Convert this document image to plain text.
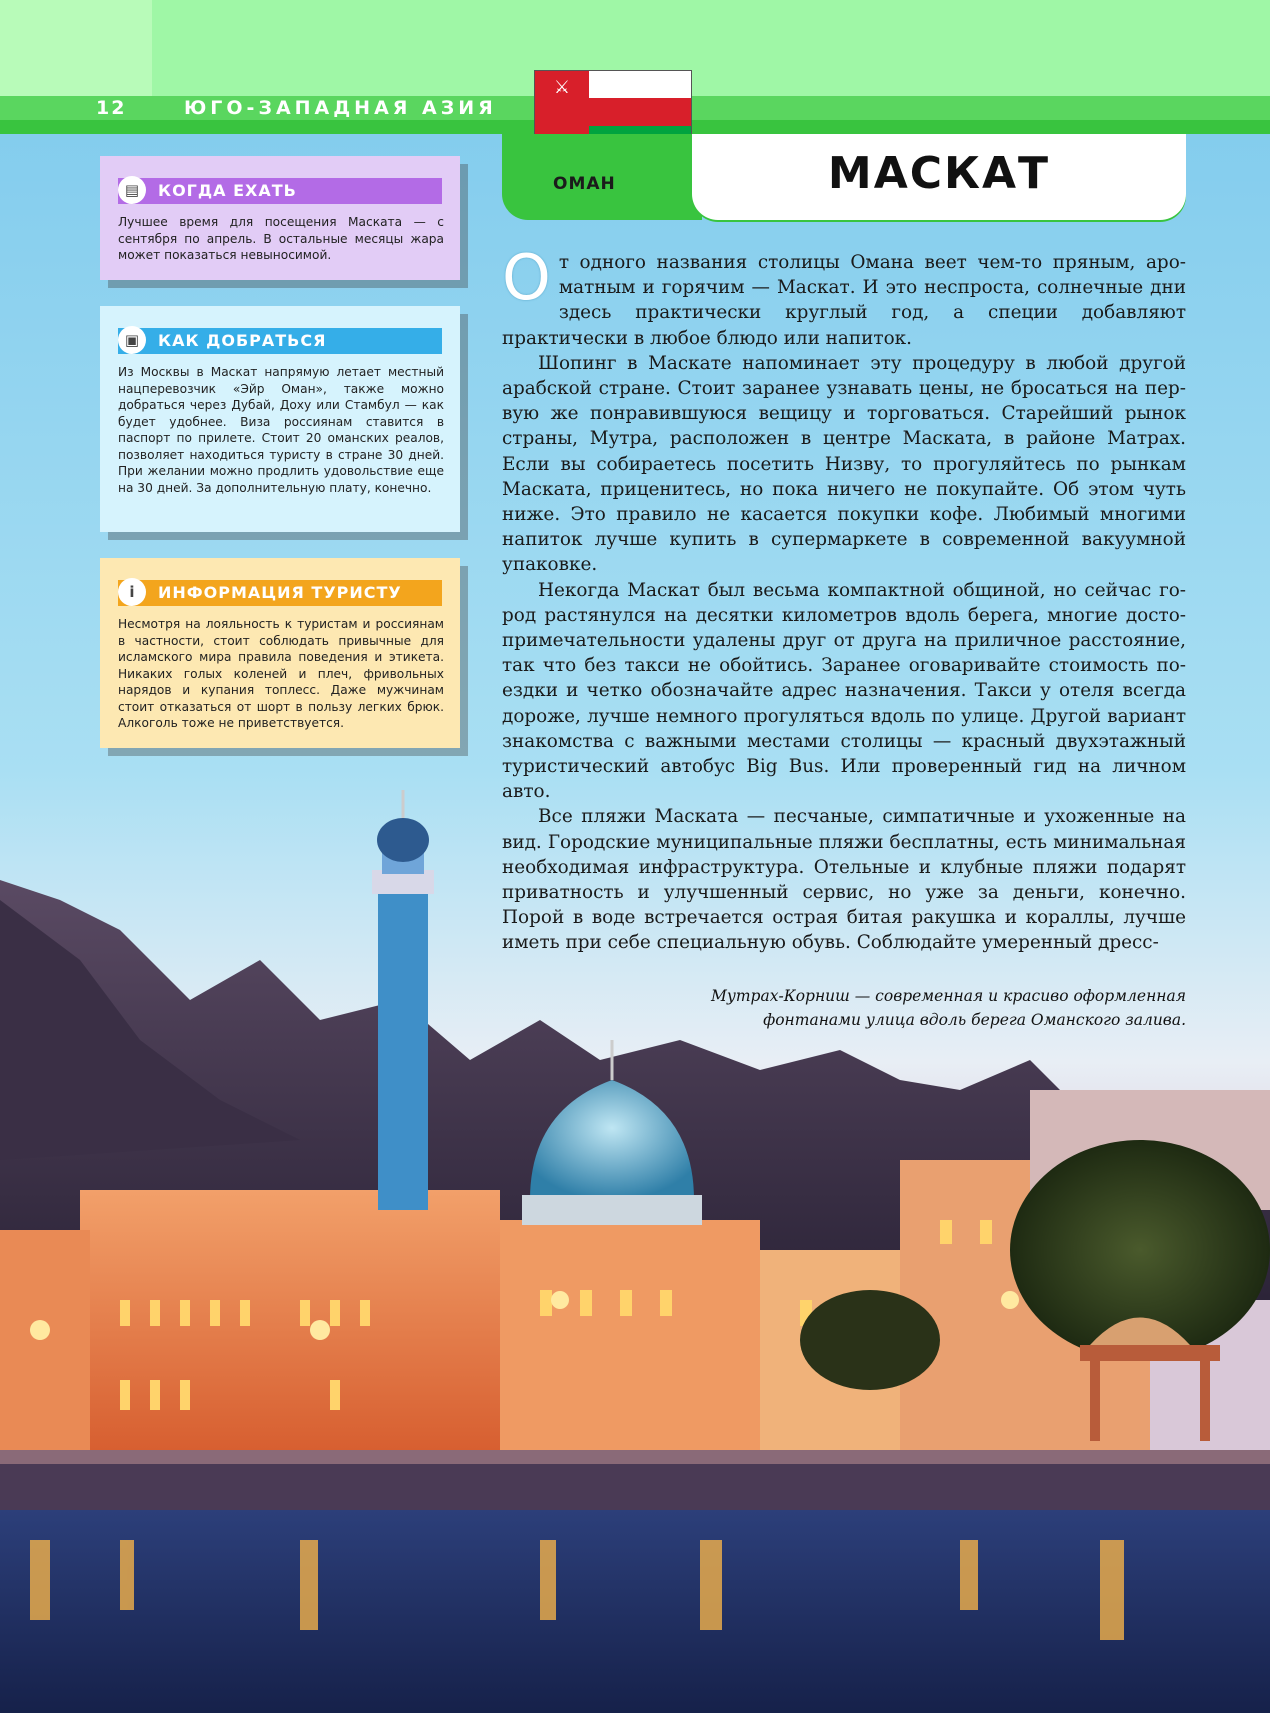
12	ЮГО-ЗАПАДНАЯ АЗИЯ
⚔
ОМАН	МАСКАТ
▤	КОГДА ЕХАТЬ
Лучшее время для посещения Маската — с сентября по апрель. В остальные месяцы жара может показаться невыносимой.
▣	КАК ДОБРАТЬСЯ
Из Москвы в Маскат напрямую летает местный нацперевозчик «Эйр Оман», также можно добраться через Дубай, Доху или Стамбул — как будет удобнее. Виза россиянам ставится в паспорт по прилете. Стоит 20 оманских реалов, позволяет находиться туристу в стране 30 дней. При желании можно продлить удовольствие еще на 30 дней. За дополнительную плату, конечно.
i	ИНФОРМАЦИЯ ТУРИСТУ
Несмотря на лояльность к туристам и россиянам в частности, стоит соблюдать привычные для исламского мира правила поведения и этикета. Никаких голых коленей и плеч, фривольных нарядов и купания топлесс. Даже мужчинам стоит отказаться от шорт в пользу легких брюк. Алкоголь тоже не приветствуется.

От одного названия столицы Омана веет чем-то пряным, ароматным и горячим — Маскат. И это неспроста, солнечные дни здесь практически круглый год, а специи добавляют практически в любое блюдо или напиток.

Шопинг в Маскате напоминает эту процедуру в любой другой арабской стране. Стоит заранее узнавать цены, не бросаться на первую же понравившуюся вещицу и торговаться. Старейший рынок страны, Мутра, расположен в центре Маската, в районе Матрах. Если вы собираетесь посетить Низву, то прогуляйтесь по рынкам Маската, приценитесь, но пока ничего не покупайте. Об этом чуть ниже. Это правило не касается покупки кофе. Любимый многими напиток лучше купить в супермаркете в современной вакуумной упаковке.

Некогда Маскат был весьма компактной общиной, но сейчас город растянулся на десятки километров вдоль берега, многие достопримечательности удалены друг от друга на приличное расстояние, так что без такси не обойтись. Заранее оговаривайте стоимость поездки и четко обозначайте адрес назначения. Такси у отеля всегда дороже, лучше немного прогуляться вдоль по улице. Другой вариант знакомства с важными местами столицы — красный двухэтажный туристический автобус Big Bus. Или проверенный гид на личном авто.

Все пляжи Маската — песчаные, симпатичные и ухоженные на вид. Городские муниципальные пляжи бесплатны, есть минимальная необходимая инфраструктура. Отельные и клубные пляжи подарят приватность и улучшенный сервис, но уже за деньги, конечно. Порой в воде встречается острая битая ракушка и кораллы, лучше иметь при себе специальную обувь. Соблюдайте умеренный дресс-

Мутрах-Корниш — современная и красиво оформленная
фонтанами улица вдоль берега Оманского залива.
